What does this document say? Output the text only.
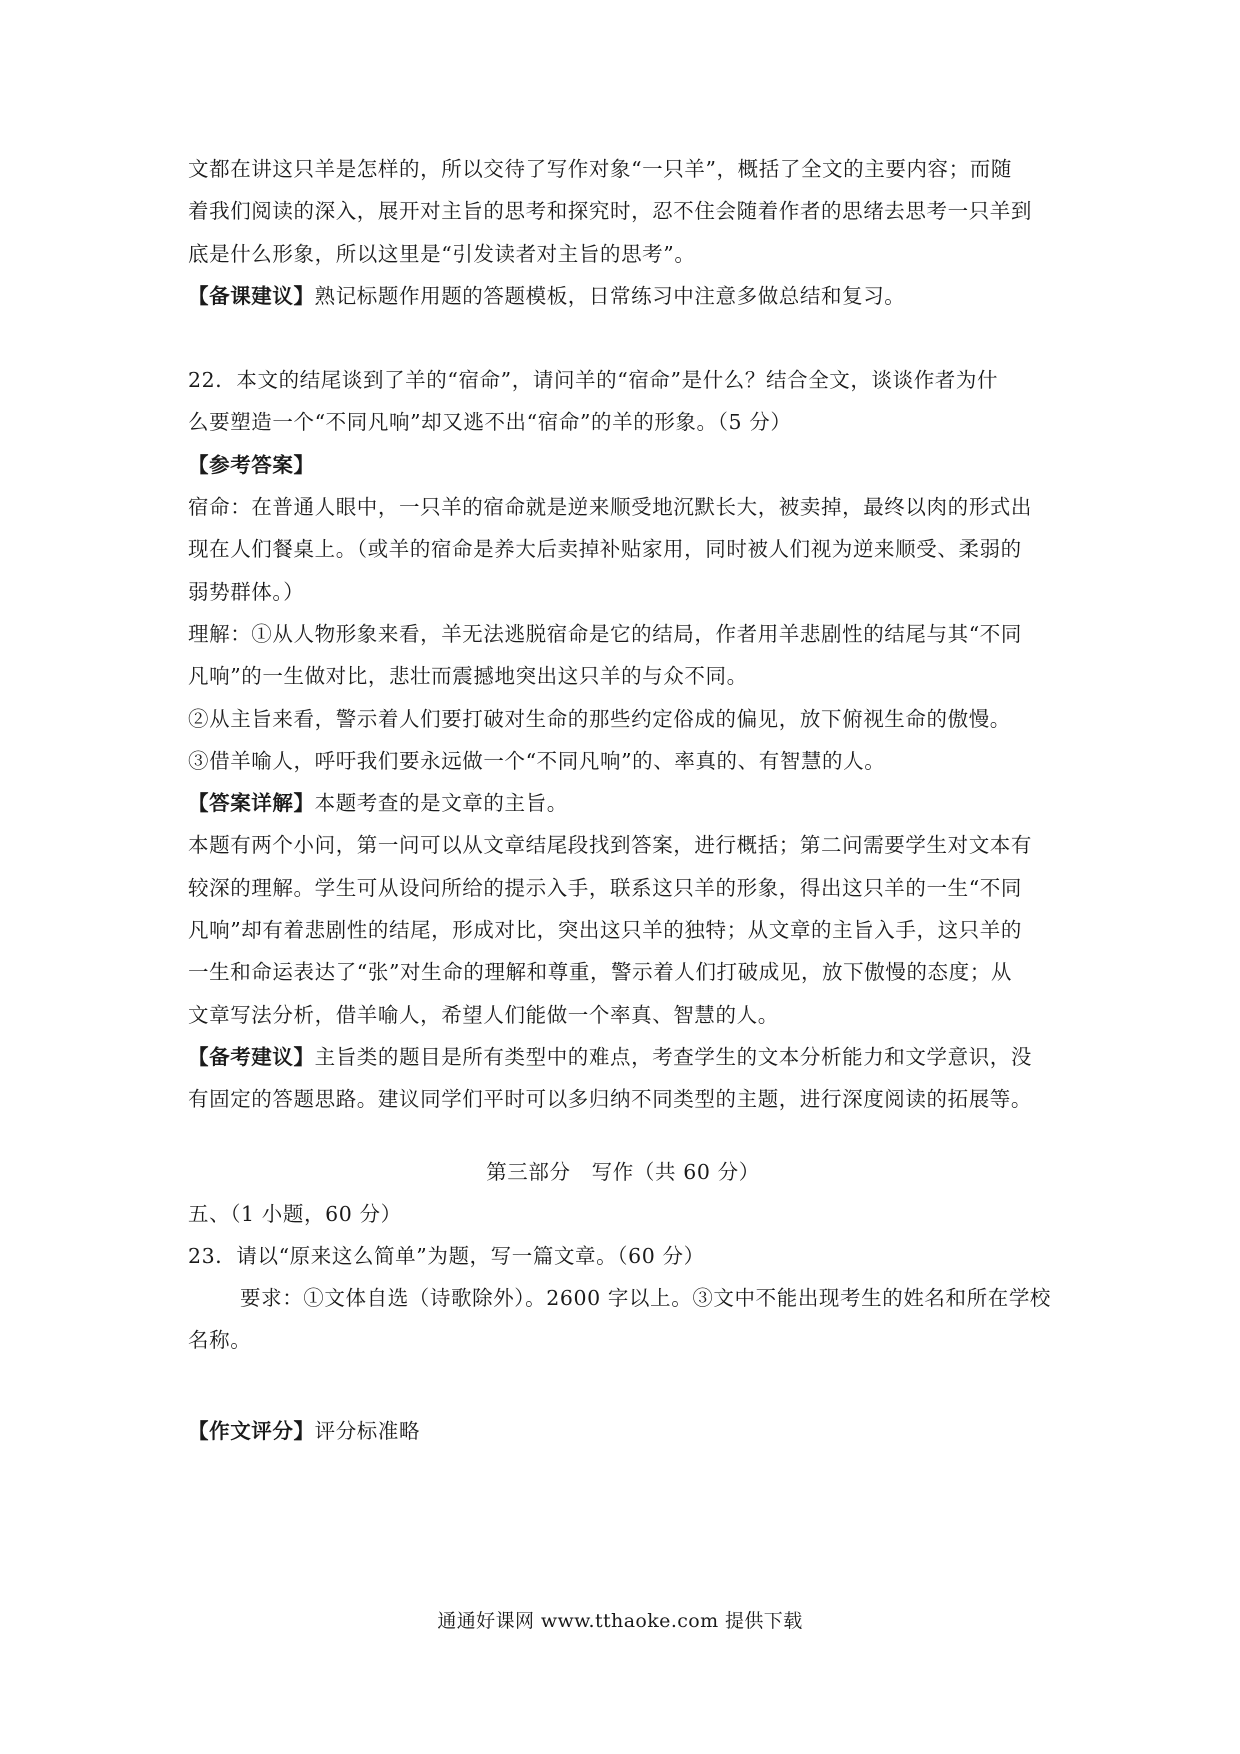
文都在讲这只羊是怎样的，所以交待了写作对象“一只羊”，概括了全文的主要内容；而随
着我们阅读的深入，展开对主旨的思考和探究时，忍不住会随着作者的思绪去思考一只羊到
底是什么形象，所以这里是“引发读者对主旨的思考”。
【备课建议】熟记标题作用题的答题模板，日常练习中注意多做总结和复习。
22．本文的结尾谈到了羊的“宿命”，请问羊的“宿命”是什么？结合全文，谈谈作者为什
么要塑造一个“不同凡响”却又逃不出“宿命”的羊的形象。（5 分）
【参考答案】
宿命：在普通人眼中，一只羊的宿命就是逆来顺受地沉默长大，被卖掉，最终以肉的形式出
现在人们餐桌上。（或羊的宿命是养大后卖掉补贴家用，同时被人们视为逆来顺受、柔弱的
弱势群体。）
理解：①从人物形象来看，羊无法逃脱宿命是它的结局，作者用羊悲剧性的结尾与其“不同
凡响”的一生做对比，悲壮而震撼地突出这只羊的与众不同。
②从主旨来看，警示着人们要打破对生命的那些约定俗成的偏见，放下俯视生命的傲慢。
③借羊喻人，呼吁我们要永远做一个“不同凡响”的、率真的、有智慧的人。
【答案详解】本题考查的是文章的主旨。
本题有两个小问，第一问可以从文章结尾段找到答案，进行概括；第二问需要学生对文本有
较深的理解。学生可从设问所给的提示入手，联系这只羊的形象，得出这只羊的一生“不同
凡响”却有着悲剧性的结尾，形成对比，突出这只羊的独特；从文章的主旨入手，这只羊的
一生和命运表达了“张”对生命的理解和尊重，警示着人们打破成见，放下傲慢的态度；从
文章写法分析，借羊喻人，希望人们能做一个率真、智慧的人。
【备考建议】主旨类的题目是所有类型中的难点，考查学生的文本分析能力和文学意识，没
有固定的答题思路。建议同学们平时可以多归纳不同类型的主题，进行深度阅读的拓展等。
第三部分　写作（共 60 分）
五、（1 小题，60 分）
23．请以“原来这么简单”为题，写一篇文章。（60 分）
要求：①文体自选（诗歌除外）。2600 字以上。③文中不能出现考生的姓名和所在学校
名称。
【作文评分】评分标准略
通通好课网 www.tthaoke.com 提供下载
